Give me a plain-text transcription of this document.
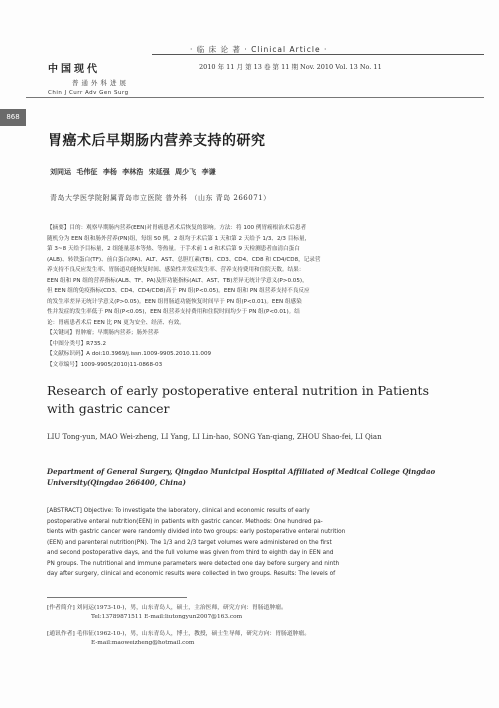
· 临 床 论 著 · Clinical Article ·
中国现代	2010 年 11 月 第 13 卷 第 11 期 Nov. 2010 Vol. 13 No. 11
普通外科进展
Chin J Curr Adv Gen Surg
868
胃癌术后早期肠内营养支持的研究
刘同运 毛伟征 李杨 李林浩 宋延强 周少飞 李谦
青岛大学医学院附属青岛市立医院 普外科 （山东 青岛 266071）

【摘要】目的：观察早期肠内营养(EEN)对胃癌患者术后恢复的影响。方法：将 100 例胃癌根治术后患者

随机分为 EEN 组和肠外营养(PN)组，每组 50 例。2 组均于术后第 1 天和第 2 天给予 1/3、2/3 目标量，

第 3~8 天给予目标量，2 组能量基本等热、等热量。于手术前 1 d 和术后第 9 天检测患者血清白蛋白

(ALB)、转铁蛋白(TF)、前白蛋白(PA)、ALT、AST、总胆红素(TB)、CD3、CD4、CD8 和 CD4/CD8，记录营

养支持不良反应发生率、胃肠道功能恢复时间、感染性并发症发生率、营养支持费用和住院天数。结果：

EEN 组和 PN 组的营养指标(ALB、TF、PA)及肝功能指标(ALT、AST、TB)差异无统计学意义(P>0.05)，

但 EEN 组的免疫指标(CD3、CD4、CD4/CD8)高于 PN 组(P<0.05)。EEN 组和 PN 组营养支持不良反应

的发生率差异无统计学意义(P>0.05)。EEN 组胃肠道功能恢复时间早于 PN 组(P<0.01)。EEN 组感染

性并发症的发生率低于 PN 组(P<0.05)，EEN 组营养支持费用和住院时间均少于 PN 组(P<0.01)。结

论：胃癌患者术后 EEN 比 PN 更为安全、经济、有效。

【关键词】胃肿瘤；早期肠内营养；肠外营养

【中图分类号】R735.2

【文献标识码】A doi:10.3969/j.issn.1009-9905.2010.11.009

【文章编号】1009-9905(2010)11-0868-03

Research of early postoperative enteral nutrition in Patients with gastric cancer
LIU Tong-yun, MAO Wei-zheng, LI Yang, LI Lin-hao, SONG Yan-qiang, ZHOU Shao-fei, LI Qian
Department of General Surgery, Qingdao Municipal Hospital Affiliated of Medical College Qingdao University(Qingdao 266400, China)

[ABSTRACT] Objective: To investigate the laboratory, clinical and economic results of early

postoperative enteral nutrition(EEN) in patients with gastric cancer. Methods: One hundred pa-

tients with gastric cancer were randomly divided into two groups: early postoperative enteral nutrition

(EEN) and parenteral nutrition(PN). The 1/3 and 2/3 target volumes were administered on the first

and second postoperative days, and the full volume was given from third to eighth day in EEN and

PN groups. The nutritional and immune parameters were detected one day before surgery and ninth

day after surgery, clinical and economic results were collected in two groups. Results: The levels of

[作者简介] 刘同运(1973-10-)，男，山东青岛人，硕士，主治医师，研究方向：胃肠道肿瘤。
Tel:13789871511 E-mail:liutongyun2007@163.com
[通讯作者] 毛伟征(1962-10-)，男，山东青岛人，博士，教授，硕士生导师，研究方向：胃肠道肿瘤。
E-mail:maoweizheng@hotmail.com
